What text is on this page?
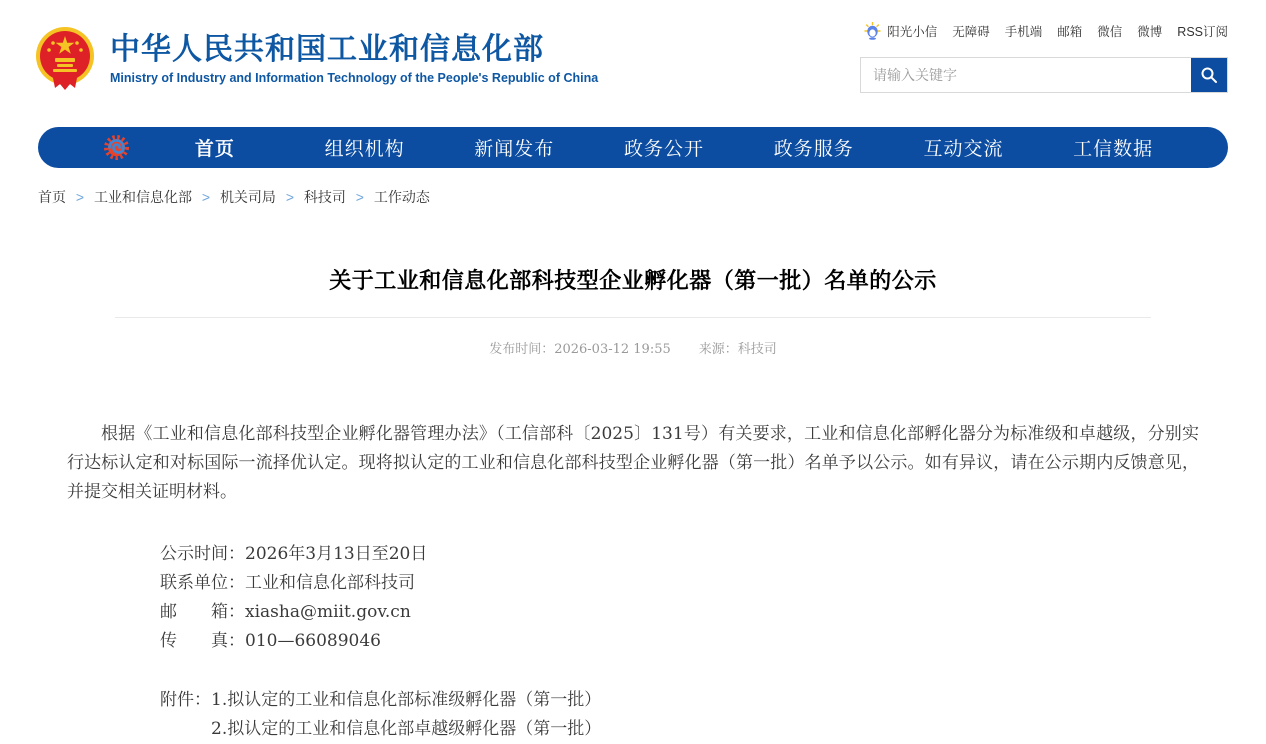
中华人民共和国工业和信息化部
Ministry of Industry and Information Technology of the People's Republic of China
阳光小信 无障碍 手机端 邮箱 微信 微博 RSS订阅
请输入关键字
首页	组织机构	新闻发布	政务公开	政务服务	互动交流	工信数据
首页 > 工业和信息化部 > 机关司局 > 科技司 > 工作动态
关于工业和信息化部科技型企业孵化器（第一批）名单的公示
发布时间：2026-03-12 19:55 来源：科技司

根据《工业和信息化部科技型企业孵化器管理办法》（工信部科〔2025〕131号）有关要求，工业和信息化部孵化器分为标准级和卓越级，分别实行达标认定和对标国际一流择优认定。现将拟认定的工业和信息化部科技型企业孵化器（第一批）名单予以公示。如有异议，请在公示期内反馈意见，并提交相关证明材料。

公示时间：2026年3月13日至20日
联系单位：工业和信息化部科技司
邮　　箱：xiasha@miit.gov.cn
传　　真：010—66089046
附件： 1.拟认定的工业和信息化部标准级孵化器（第一批）
2.拟认定的工业和信息化部卓越级孵化器（第一批）
